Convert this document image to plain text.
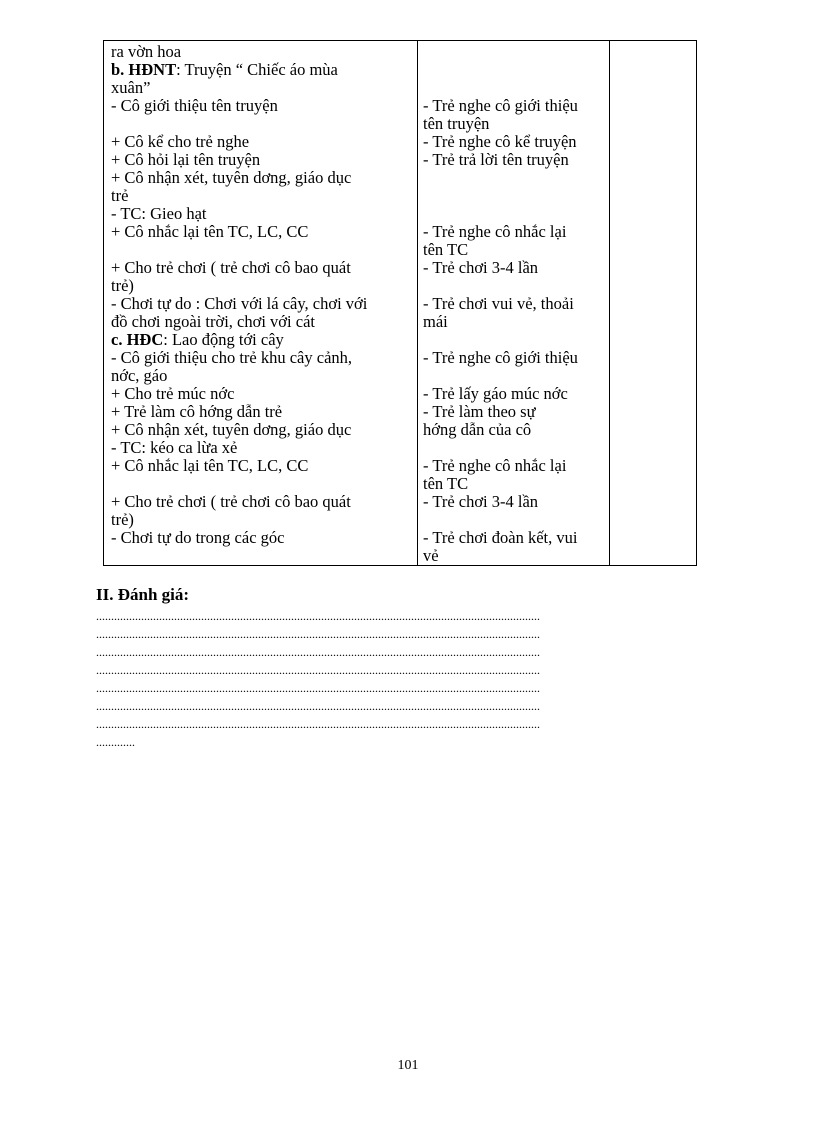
ra vờn hoa
b. HĐNT: Truyện “ Chiếc áo mùa
xuân”
- Cô giới thiệu tên truyện
+ Cô kể cho trẻ nghe
+ Cô hỏi lại tên truyện
+ Cô nhận xét, tuyên dơng, giáo dục
trẻ
- TC: Gieo hạt
+ Cô nhắc lại tên TC, LC, CC
+ Cho trẻ chơi ( trẻ chơi cô bao quát
trẻ)
- Chơi tự do : Chơi với lá cây, chơi với
đồ chơi ngoài trời, chơi với cát
c. HĐC: Lao động tới cây
- Cô giới thiệu cho trẻ khu cây cảnh,
nớc, gáo
+ Cho trẻ múc nớc
+ Trẻ làm cô hớng dẫn trẻ
+ Cô nhận xét, tuyên dơng, giáo dục
- TC: kéo ca lừa xẻ
+ Cô nhắc lại tên TC, LC, CC
+ Cho trẻ chơi ( trẻ chơi cô bao quát
trẻ)
- Chơi tự do trong các góc
- Trẻ nghe cô giới thiệu
tên truyện
- Trẻ nghe cô kể truyện
- Trẻ trả lời tên truyện
- Trẻ nghe cô nhắc lại
tên TC
- Trẻ chơi 3-4 lần
- Trẻ chơi vui vẻ, thoải
mái
- Trẻ nghe cô giới thiệu
- Trẻ lấy gáo múc nớc
- Trẻ làm theo sự
hớng dẫn của cô
- Trẻ nghe cô nhắc lại
tên TC
- Trẻ chơi 3-4 lần
- Trẻ chơi đoàn kết, vui
vẻ
II. Đánh giá:
....................................................................................................................................................
....................................................................................................................................................
....................................................................................................................................................
....................................................................................................................................................
....................................................................................................................................................
....................................................................................................................................................
....................................................................................................................................................
.............
101
